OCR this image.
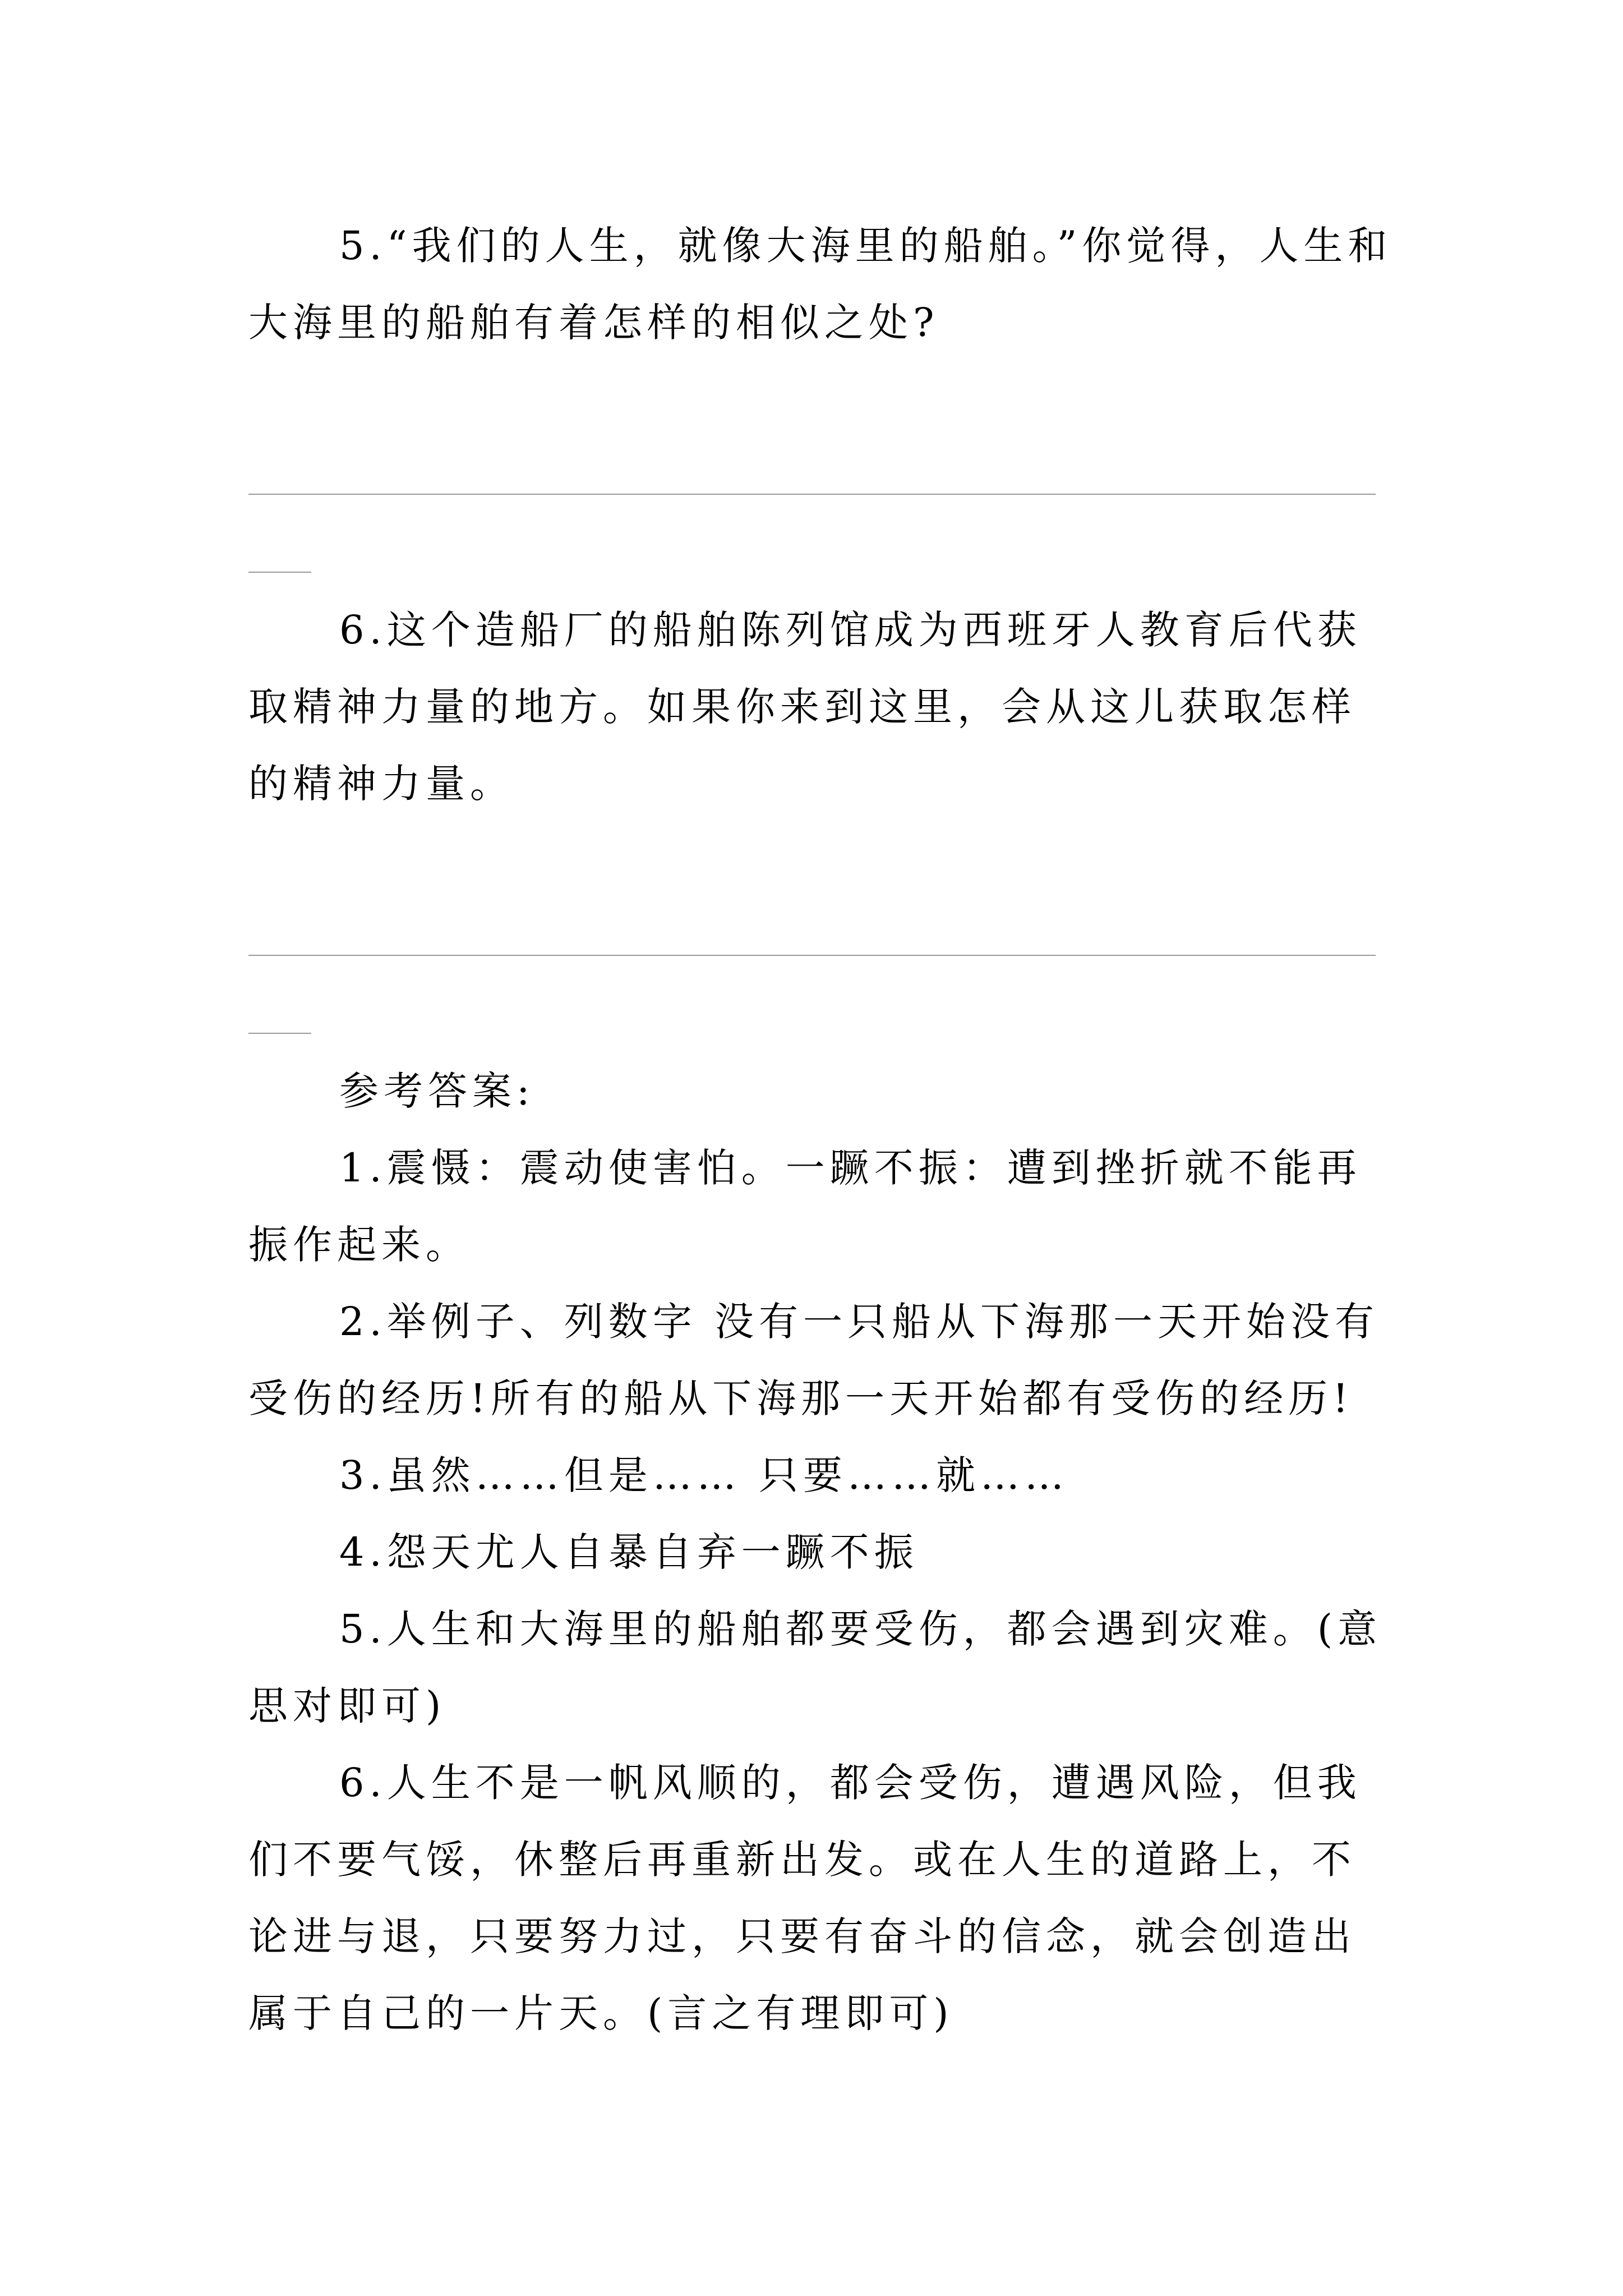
5.“我们的人生，就像大海里的船舶。”你觉得，人生和大海里的船舶有着怎样的相似之处?

6.这个造船厂的船舶陈列馆成为西班牙人教育后代获取精神力量的地方。如果你来到这里，会从这儿获取怎样的精神力量。

参考答案:

1.震慑：震动使害怕。一蹶不振：遭到挫折就不能再振作起来。

2.举例子、列数字 没有一只船从下海那一天开始没有受伤的经历!所有的船从下海那一天开始都有受伤的经历!

3.虽然……但是…… 只要……就……

4.怨天尤人自暴自弃一蹶不振

5.人生和大海里的船舶都要受伤，都会遇到灾难。(意思对即可)

6.人生不是一帆风顺的，都会受伤，遭遇风险，但我们不要气馁，休整后再重新出发。或在人生的道路上，不论进与退，只要努力过，只要有奋斗的信念，就会创造出属于自己的一片天。(言之有理即可)
